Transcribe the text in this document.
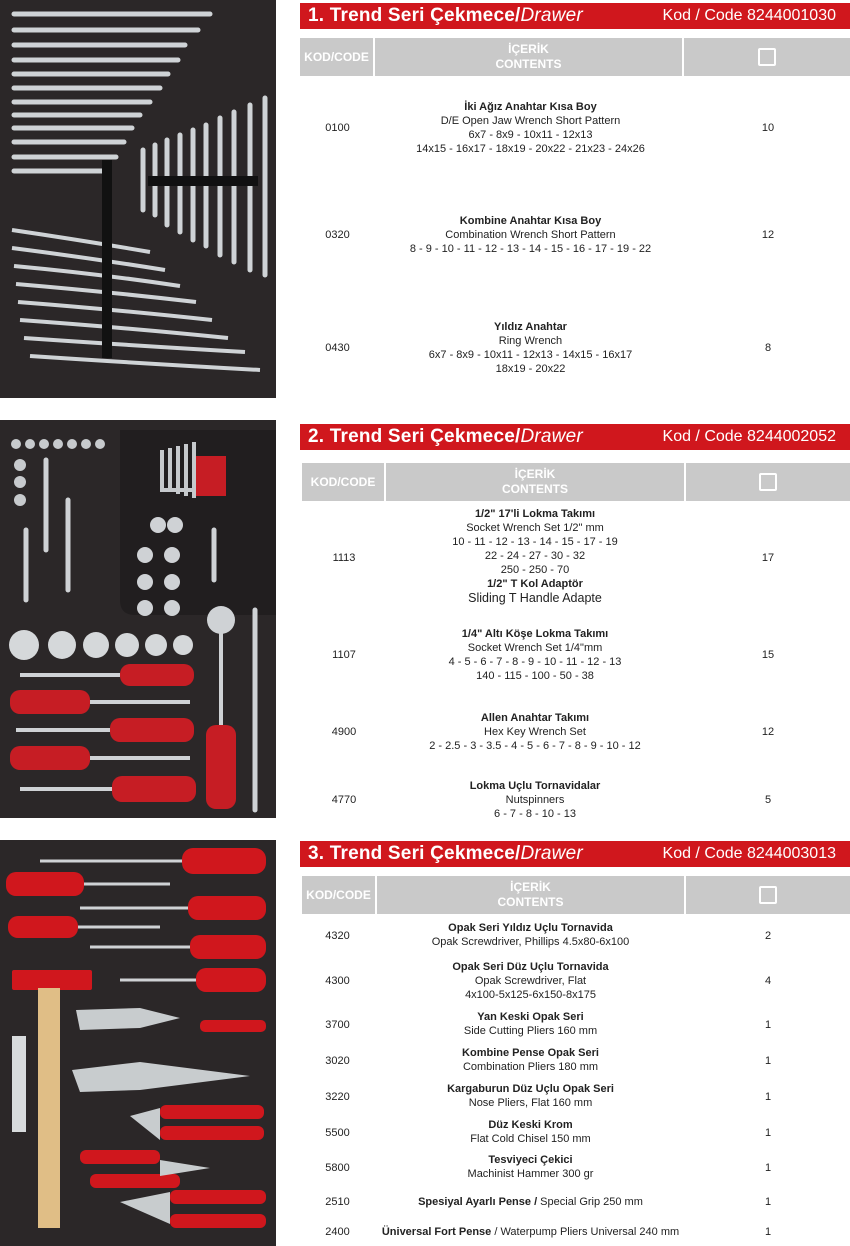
1. Trend Seri Çekmece/Drawer	Kod / Code 8244001030
KOD/CODE
İÇERİK
CONTENTS
0100
İki Ağız Anahtar Kısa Boy
D/E Open Jaw Wrench Short Pattern
6x7 - 8x9 - 10x11 - 12x13
14x15 - 16x17 - 18x19 - 20x22 - 21x23 - 24x26
10
0320
Kombine Anahtar Kısa Boy
Combination Wrench Short Pattern
8 - 9 - 10 - 11 - 12 - 13 - 14 - 15 - 16 - 17 - 19 - 22
12
0430
Yıldız Anahtar
Ring Wrench
6x7 - 8x9 - 10x11 - 12x13 - 14x15 - 16x17
18x19 - 20x22
8
2. Trend Seri Çekmece/Drawer	Kod / Code 8244002052
KOD/CODE
İÇERİK
CONTENTS
1113
1/2" 17'li Lokma Takımı
Socket Wrench Set 1/2" mm
10 - 11 - 12 - 13 - 14 - 15 - 17 - 19
22 - 24 - 27 - 30 - 32
250 - 250 - 70
1/2" T Kol Adaptör
Sliding T Handle Adapte
17
1107
1/4" Altı Köşe Lokma Takımı
Socket Wrench Set 1/4"mm
4 - 5 - 6 - 7 - 8 - 9 - 10 - 11 - 12 - 13
140 - 115 - 100 - 50 - 38
15
4900
Allen Anahtar Takımı
Hex Key Wrench Set
2 - 2.5 - 3 - 3.5 - 4 - 5 - 6 - 7 - 8 - 9 - 10 - 12
12
4770
Lokma Uçlu Tornavidalar
Nutspinners
6 - 7 - 8 - 10 - 13
5
3. Trend Seri Çekmece/Drawer	Kod / Code 8244003013
KOD/CODE
İÇERİK
CONTENTS
4320
Opak Seri Yıldız Uçlu Tornavida
Opak Screwdriver, Phillips 4.5x80-6x100	2
4300
Opak Seri Düz Uçlu Tornavida
Opak Screwdriver, Flat
4x100-5x125-6x150-8x175
4
3700
Yan Keski Opak Seri
Side Cutting Pliers 160 mm	1
3020
Kombine Pense Opak Seri
Combination Pliers 180 mm	1
3220
Kargaburun Düz Uçlu Opak Seri
Nose Pliers, Flat 160 mm	1
5500
Düz Keski Krom
Flat Cold Chisel 150 mm	1
5800
Tesviyeci Çekici
Machinist Hammer 300 gr	1
2510	Spesiyal Ayarlı Pense / Special Grip 250 mm	1
2400	Üniversal Fort Pense / Waterpump Pliers Universal 240 mm	1
